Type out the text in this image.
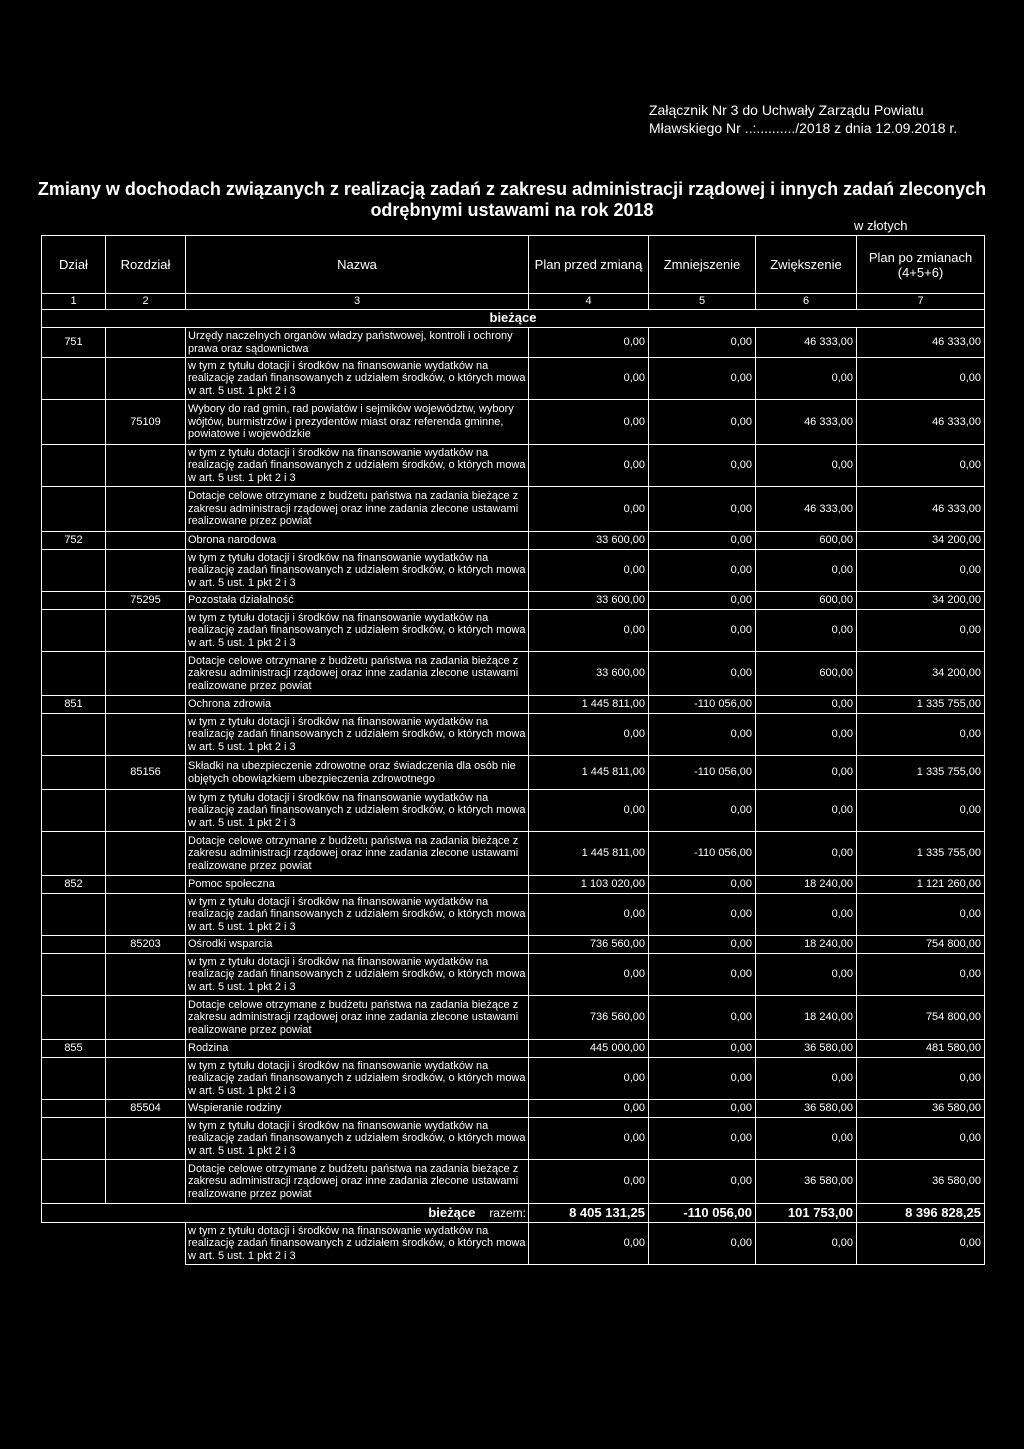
Załącznik Nr 3 do Uchwały Zarządu Powiatu
Mławskiego Nr ..:........../2018 z dnia 12.09.2018 r.
Zmiany w dochodach związanych z realizacją zadań z zakresu administracji rządowej i innych zadań zleconych
odrębnymi ustawami na rok 2018
w złotych
Dział	Rozdział	Nazwa	Plan przed zmianą	Zmniejszenie	Zwiększenie	Plan po zmianach
(4+5+6)

1	2	3	4	5	6	7
bieżące						
751		Urzędy naczelnych organów władzy państwowej, kontroli i ochrony prawa oraz sądownictwa	0,00	0,00	46 333,00	46 333,00
		w tym z tytułu dotacji i środków na finansowanie wydatków na realizację zadań finansowanych z udziałem środków, o których mowa w art. 5 ust. 1 pkt 2 i 3	0,00	0,00	0,00	0,00
	75109	Wybory do rad gmin, rad powiatów i sejmików województw, wybory wójtów, burmistrzów i prezydentów miast oraz referenda gminne, powiatowe i wojewódzkie	0,00	0,00	46 333,00	46 333,00
		w tym z tytułu dotacji i środków na finansowanie wydatków na realizację zadań finansowanych z udziałem środków, o których mowa w art. 5 ust. 1 pkt 2 i 3	0,00	0,00	0,00	0,00
		Dotacje celowe otrzymane z budżetu państwa na zadania bieżące z zakresu administracji rządowej oraz inne zadania zlecone ustawami realizowane przez powiat	0,00	0,00	46 333,00	46 333,00
752		Obrona narodowa	33 600,00	0,00	600,00	34 200,00
		w tym z tytułu dotacji i środków na finansowanie wydatków na realizację zadań finansowanych z udziałem środków, o których mowa w art. 5 ust. 1 pkt 2 i 3	0,00	0,00	0,00	0,00
	75295	Pozostała działalność	33 600,00	0,00	600,00	34 200,00
		w tym z tytułu dotacji i środków na finansowanie wydatków na realizację zadań finansowanych z udziałem środków, o których mowa w art. 5 ust. 1 pkt 2 i 3	0,00	0,00	0,00	0,00
		Dotacje celowe otrzymane z budżetu państwa na zadania bieżące z zakresu administracji rządowej oraz inne zadania zlecone ustawami realizowane przez powiat	33 600,00	0,00	600,00	34 200,00
851		Ochrona zdrowia	1 445 811,00	-110 056,00	0,00	1 335 755,00
		w tym z tytułu dotacji i środków na finansowanie wydatków na realizację zadań finansowanych z udziałem środków, o których mowa w art. 5 ust. 1 pkt 2 i 3	0,00	0,00	0,00	0,00
	85156	Składki na ubezpieczenie zdrowotne oraz świadczenia dla osób nie objętych obowiązkiem ubezpieczenia zdrowotnego	1 445 811,00	-110 056,00	0,00	1 335 755,00
		w tym z tytułu dotacji i środków na finansowanie wydatków na realizację zadań finansowanych z udziałem środków, o których mowa w art. 5 ust. 1 pkt 2 i 3	0,00	0,00	0,00	0,00
		Dotacje celowe otrzymane z budżetu państwa na zadania bieżące z zakresu administracji rządowej oraz inne zadania zlecone ustawami realizowane przez powiat	1 445 811,00	-110 056,00	0,00	1 335 755,00
852		Pomoc społeczna	1 103 020,00	0,00	18 240,00	1 121 260,00
		w tym z tytułu dotacji i środków na finansowanie wydatków na realizację zadań finansowanych z udziałem środków, o których mowa w art. 5 ust. 1 pkt 2 i 3	0,00	0,00	0,00	0,00
	85203	Ośrodki wsparcia	736 560,00	0,00	18 240,00	754 800,00
		w tym z tytułu dotacji i środków na finansowanie wydatków na realizację zadań finansowanych z udziałem środków, o których mowa w art. 5 ust. 1 pkt 2 i 3	0,00	0,00	0,00	0,00
		Dotacje celowe otrzymane z budżetu państwa na zadania bieżące z zakresu administracji rządowej oraz inne zadania zlecone ustawami realizowane przez powiat	736 560,00	0,00	18 240,00	754 800,00
855		Rodzina	445 000,00	0,00	36 580,00	481 580,00
		w tym z tytułu dotacji i środków na finansowanie wydatków na realizację zadań finansowanych z udziałem środków, o których mowa w art. 5 ust. 1 pkt 2 i 3	0,00	0,00	0,00	0,00
	85504	Wspieranie rodziny	0,00	0,00	36 580,00	36 580,00
		w tym z tytułu dotacji i środków na finansowanie wydatków na realizację zadań finansowanych z udziałem środków, o których mowa w art. 5 ust. 1 pkt 2 i 3	0,00	0,00	0,00	0,00
		Dotacje celowe otrzymane z budżetu państwa na zadania bieżące z zakresu administracji rządowej oraz inne zadania zlecone ustawami realizowane przez powiat	0,00	0,00	36 580,00	36 580,00
bieżące razem:			8 405 131,25	-110 056,00	101 753,00	8 396 828,25
		w tym z tytułu dotacji i środków na finansowanie wydatków na realizację zadań finansowanych z udziałem środków, o których mowa w art. 5 ust. 1 pkt 2 i 3	0,00	0,00	0,00	0,00
